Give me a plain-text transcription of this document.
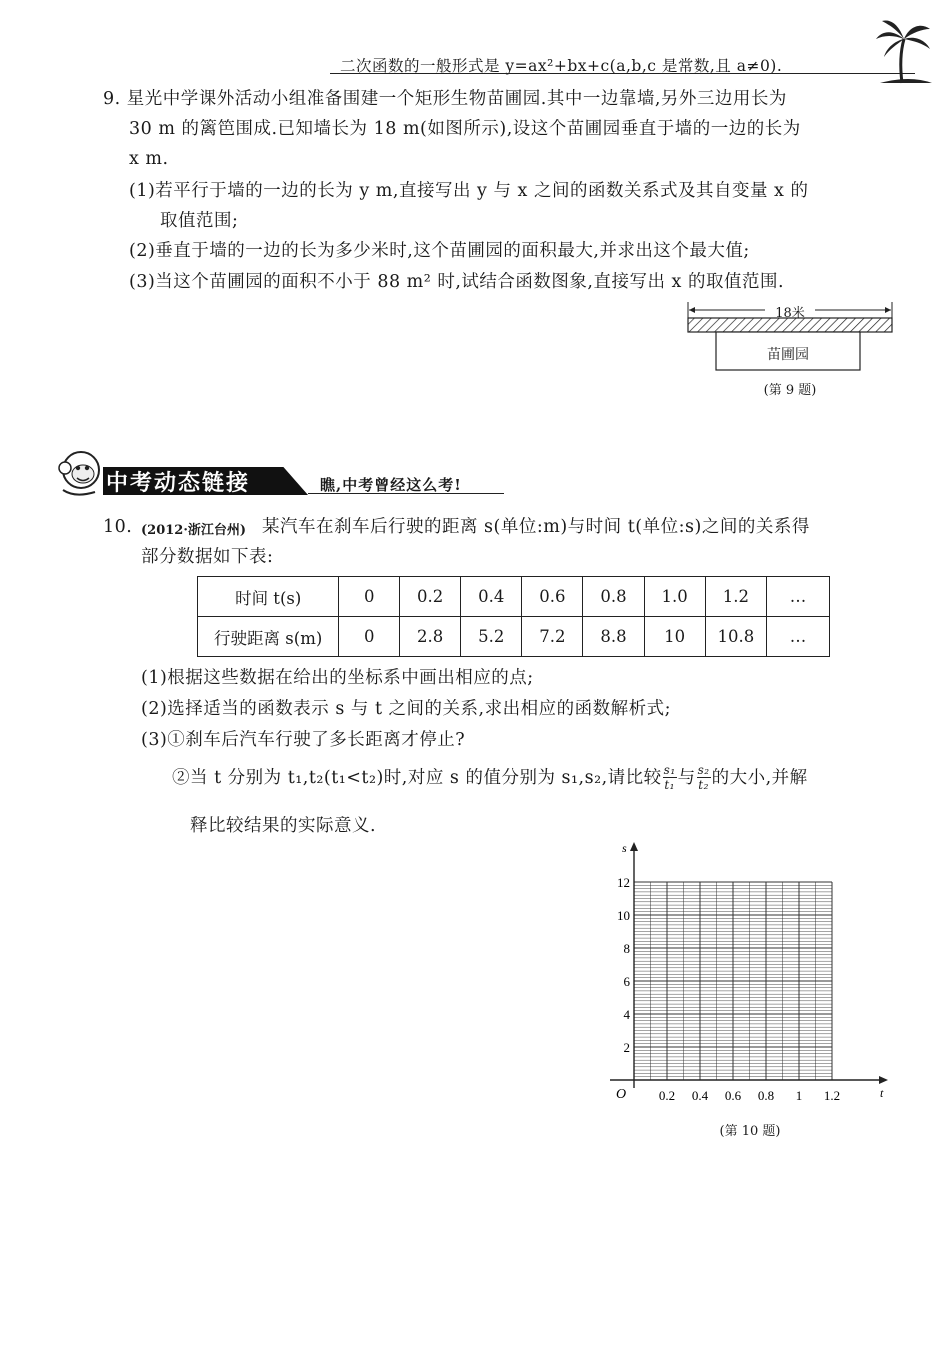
二次函数的一般形式是 y=ax²+bx+c(a,b,c 是常数,且 a≠0).
9. 星光中学课外活动小组准备围建一个矩形生物苗圃园.其中一边靠墙,另外三边用长为
30 m 的篱笆围成.已知墙长为 18 m(如图所示),设这个苗圃园垂直于墙的一边的长为
x m.
(1)若平行于墙的一边的长为 y m,直接写出 y 与 x 之间的函数关系式及其自变量 x 的
取值范围;
(2)垂直于墙的一边的长为多少米时,这个苗圃园的面积最大,并求出这个最大值;
(3)当这个苗圃园的面积不小于 88 m² 时,试结合函数图象,直接写出 x 的取值范围.
18米
苗圃园
(第 9 题)
中考动态链接	瞧,中考曾经这么考!
10. (2012·浙江台州) 某汽车在刹车后行驶的距离 s(单位:m)与时间 t(单位:s)之间的关系得
部分数据如下表:
时间 t(s)	0	0.2	0.4	0.6	0.8	1.0	1.2	…
行驶距离 s(m)	0	2.8	5.2	7.2	8.8	10	10.8	…
(1)根据这些数据在给出的坐标系中画出相应的点;
(2)选择适当的函数表示 s 与 t 之间的关系,求出相应的函数解析式;
(3)①刹车后汽车行驶了多长距离才停止?
②当 t 分别为 t₁,t₂(t₁<t₂)时,对应 s 的值分别为 s₁,s₂,请比较 $\frac{\text{s₁}}{\text{t₁}}$ 与 $\frac{\text{s₂}}{\text{t₂}}$ 的大小,并解
释比较结果的实际意义.
s
t
O
2
4
6
8
10
12
0.2 0.4 0.6 0.8 1 1.2
(第 10 题)
